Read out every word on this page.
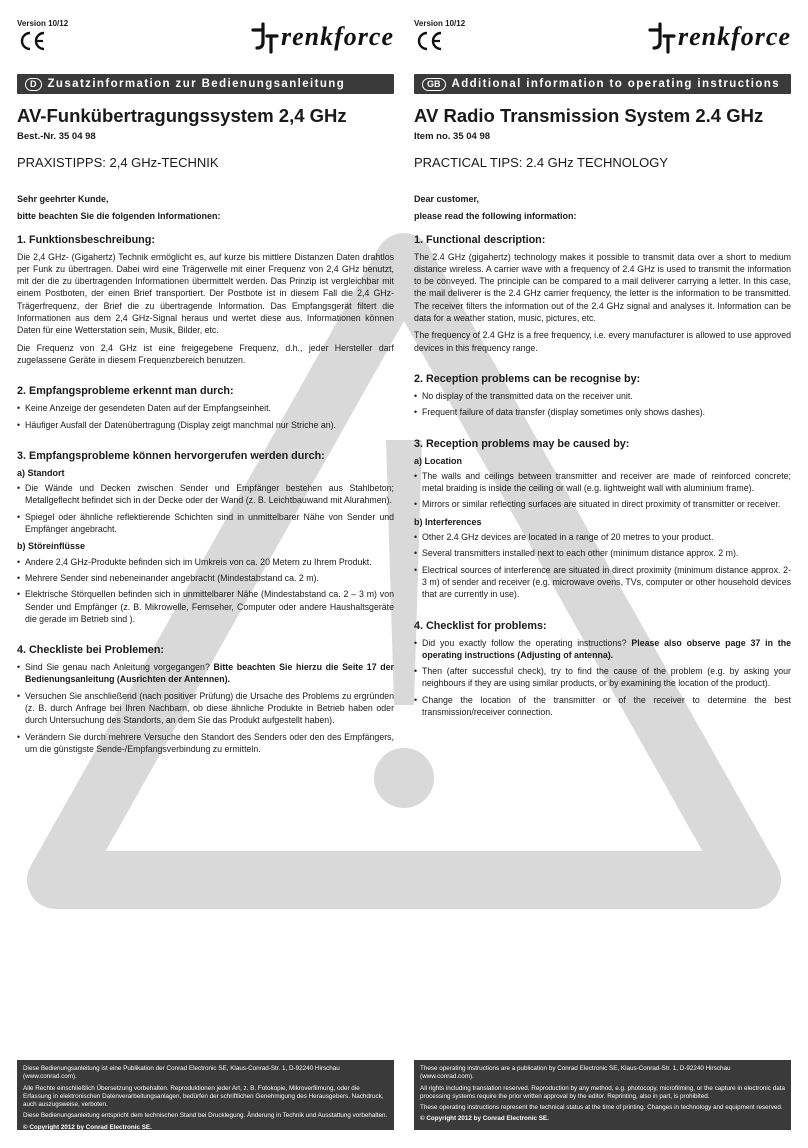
Version 10/12	renkforce
D Zusatzinformation zur Bedienungsanleitung
AV-Funkübertragungssystem 2,4 GHz
Best.-Nr. 35 04 98
PRAXISTIPPS: 2,4 GHz-TECHNIK

Sehr geehrter Kunde,

bitte beachten Sie die folgenden Informationen:

1. Funktionsbeschreibung:

Die 2,4 GHz- (Gigahertz) Technik ermöglicht es, auf kurze bis mittlere Distanzen Daten drahtlos per Funk zu übertragen. Dabei wird eine Trägerwelle mit einer Frequenz von 2,4 GHz benutzt, mit der die zu übertragenden Informationen übermittelt werden. Das Prinzip ist vergleichbar mit einem Postboten, der einen Brief transportiert. Der Postbote ist in diesem Fall die 2,4 GHz-Trägerfrequenz, der Brief die zu übertragende Information. Das Empfangsgerät filtert die Informationen aus dem 2,4 GHz-Signal heraus und wertet diese aus. Informationen können Daten für eine Wetterstation sein, Musik, Bilder, etc.

Die Frequenz von 2,4 GHz ist eine freigegebene Frequenz, d.h., jeder Hersteller darf zugelassene Geräte in diesem Frequenzbereich benutzen.

2. Empfangsprobleme erkennt man durch:
• Keine Anzeige der gesendeten Daten auf der Empfangseinheit.
• Häufiger Ausfall der Datenübertragung (Display zeigt manchmal nur Striche an).
3. Empfangsprobleme können hervorgerufen werden durch:
a) Standort
• Die Wände und Decken zwischen Sender und Empfänger bestehen aus Stahlbeton; Metallgeflecht befindet sich in der Decke oder der Wand (z. B. Leichtbauwand mit Alurahmen).
• Spiegel oder ähnliche reflektierende Schichten sind in unmittelbarer Nähe von Sender und Empfänger angebracht.
b) Störeinflüsse
• Andere 2,4 GHz-Produkte befinden sich im Umkreis von ca. 20 Metern zu Ihrem Produkt.
• Mehrere Sender sind nebeneinander angebracht (Mindestabstand ca. 2 m).
• Elektrische Störquellen befinden sich in unmittelbarer Nähe (Mindestabstand ca. 2 – 3 m) von Sender und Empfänger (z. B. Mikrowelle, Fernseher, Computer oder andere Haushaltsgeräte die gerade im Betrieb sind ).
4. Checkliste bei Problemen:
• Sind Sie genau nach Anleitung vorgegangen? Bitte beachten Sie hierzu die Seite 17 der Bedienungsanleitung (Ausrichten der Antennen).
• Versuchen Sie anschließend (nach positiver Prüfung) die Ursache des Problems zu ergründen (z. B. durch Anfrage bei Ihren Nachbarn, ob diese ähnliche Produkte in Betrieb haben oder durch Untersuchung des Standorts, an dem Sie das Produkt aufgestellt haben).
• Verändern Sie durch mehrere Versuche den Standort des Senders oder den des Empfängers, um die günstigste Sende-/Empfangsverbindung zu ermitteln.
Version 10/12	renkforce
GB Additional information to operating instructions
AV Radio Transmission System 2.4 GHz
Item no. 35 04 98
PRACTICAL TIPS: 2.4 GHz TECHNOLOGY

Dear customer,

please read the following information:

1. Functional description:

The 2.4 GHz (gigahertz) technology makes it possible to transmit data over a short to medium distance wireless. A carrier wave with a frequency of 2.4 GHz is used to transmit the information to be conveyed. The principle can be compared to a mail deliverer carrying a letter. In this case, the mail deliverer is the 2.4 GHz carrier frequency, the letter is the information to be transmitted. The receiver filters the information out of the 2.4 GHz signal and analyses it. Information can be data for a weather station, music, pictures, etc.

The frequency of 2.4 GHz is a free frequency, i.e. every manufacturer is allowed to use approved devices in this frequency range.

2. Reception problems can be recognise by:
• No display of the transmitted data on the receiver unit.
• Frequent failure of data transfer (display sometimes only shows dashes).
3. Reception problems may be caused by:
a) Location
• The walls and ceilings between transmitter and receiver are made of reinforced concrete; metal braiding is inside the ceiling or wall (e.g. lightweight wall with aluminium frame).
• Mirrors or similar reflecting surfaces are situated in direct proximity of transmitter or receiver.
b) Interferences
• Other 2.4 GHz devices are located in a range of 20 metres to your product.
• Several transmitters installed next to each other (minimum distance approx. 2 m).
• Electrical sources of interference are situated in direct proximity (minimum distance approx. 2-3 m) of sender and receiver (e.g. microwave ovens, TVs, computer or other household devices that are currently in use).
4. Checklist for problems:
• Did you exactly follow the operating instructions? Please also observe page 37 in the operating instructions (Adjusting of antenna).
• Then (after successful check), try to find the cause of the problem (e.g. by asking your neighbours if they are using similar products, or by examining the location of the product).
• Change the location of the transmitter or of the receiver to determine the best transmission/receiver connection.

Diese Bedienungsanleitung ist eine Publikation der Conrad Electronic SE, Klaus-Conrad-Str. 1, D-92240 Hirschau (www.conrad.com).

Alle Rechte einschließlich Übersetzung vorbehalten. Reproduktionen jeder Art, z. B. Fotokopie, Mikroverfilmung, oder die Erfassung in elektronischen Datenverarbeitungsanlagen, bedürfen der schriftlichen Genehmigung des Herausgebers. Nachdruck, auch auszugsweise, verboten.

Diese Bedienungsanleitung entspricht dem technischen Stand bei Drucklegung. Änderung in Technik und Ausstattung vorbehalten.

© Copyright 2012 by Conrad Electronic SE.

These operating instructions are a publication by Conrad Electronic SE, Klaus-Conrad-Str. 1, D-92240 Hirschau (www.conrad.com).

All rights including translation reserved. Reproduction by any method, e.g. photocopy, microfilming, or the capture in electronic data processing systems require the prior written approval by the editor. Reprinting, also in part, is prohibited.

These operating instructions represent the technical status at the time of printing. Changes in technology and equipment reserved.

© Copyright 2012 by Conrad Electronic SE.
